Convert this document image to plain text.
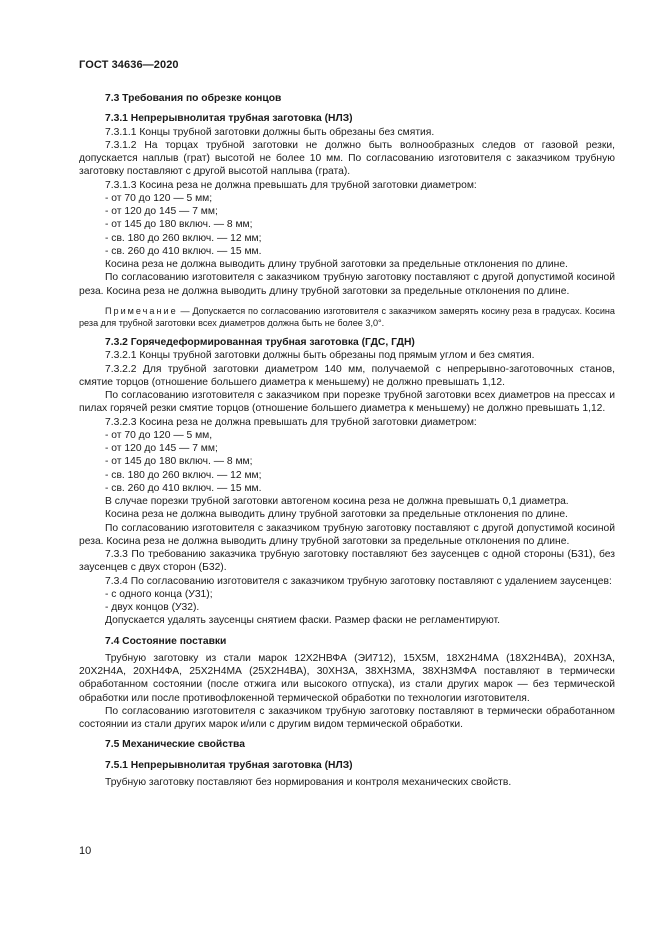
ГОСТ 34636—2020

7.3 Требования по обрезке концов

7.3.1 Непрерывнолитая трубная заготовка (НЛЗ)

7.3.1.1 Концы трубной заготовки должны быть обрезаны без смятия.

7.3.1.2 На торцах трубной заготовки не должно быть волнообразных следов от газовой резки, допускается наплыв (грат) высотой не более 10 мм. По согласованию изготовителя с заказчиком трубную заготовку поставляют с другой высотой наплыва (грата).

7.3.1.3 Косина реза не должна превышать для трубной заготовки диаметром:

- от 70 до 120 — 5 мм;

- от 120 до 145 — 7 мм;

- от 145 до 180 включ. — 8 мм;

- св. 180 до 260 включ. — 12 мм;

- св. 260 до 410 включ. — 15 мм.

Косина реза не должна выводить длину трубной заготовки за предельные отклонения по длине.

По согласованию изготовителя с заказчиком трубную заготовку поставляют с другой допустимой косиной реза. Косина реза не должна выводить длину трубной заготовки за предельные отклонения по длине.

Примечание — Допускается по согласованию изготовителя с заказчиком замерять косину реза в градусах. Косина реза для трубной заготовки всех диаметров должна быть не более 3,0°.

7.3.2 Горячедеформированная трубная заготовка (ГДС, ГДН)

7.3.2.1 Концы трубной заготовки должны быть обрезаны под прямым углом и без смятия.

7.3.2.2 Для трубной заготовки диаметром 140 мм, получаемой с непрерывно-заготовочных станов, смятие торцов (отношение большего диаметра к меньшему) не должно превышать 1,12.

По согласованию изготовителя с заказчиком при порезке трубной заготовки всех диаметров на прессах и пилах горячей резки смятие торцов (отношение большего диаметра к меньшему) не должно превышать 1,12.

7.3.2.3 Косина реза не должна превышать для трубной заготовки диаметром:

- от 70 до 120 — 5 мм,

- от 120 до 145 — 7 мм;

- от 145 до 180 включ. — 8 мм;

- св. 180 до 260 включ. — 12 мм;

- св. 260 до 410 включ. — 15 мм.

В случае порезки трубной заготовки автогеном косина реза не должна превышать 0,1 диаметра.

Косина реза не должна выводить длину трубной заготовки за предельные отклонения по длине.

По согласованию изготовителя с заказчиком трубную заготовку поставляют с другой допустимой косиной реза. Косина реза не должна выводить длину трубной заготовки за предельные отклонения по длине.

7.3.3 По требованию заказчика трубную заготовку поставляют без заусенцев с одной стороны (Б31), без заусенцев с двух сторон (Б32).

7.3.4 По согласованию изготовителя с заказчиком трубную заготовку поставляют с удалением заусенцев:

- с одного конца (У31);

- двух концов (У32).

Допускается удалять заусенцы снятием фаски. Размер фаски не регламентируют.

7.4 Состояние поставки

Трубную заготовку из стали марок 12Х2НВФА (ЭИ712), 15Х5М, 18Х2Н4МА (18Х2Н4ВА), 20ХН3А, 20Х2Н4А, 20ХН4ФА, 25Х2Н4МА (25Х2Н4ВА), 30ХН3А, 38ХН3МА, 38ХН3МФА поставляют в термически обработанном состоянии (после отжига или высокого отпуска), из стали других марок — без термической обработки или после противофлокенной термической обработки по технологии изготовителя.

По согласованию изготовителя с заказчиком трубную заготовку поставляют в термически обработанном состоянии из стали других марок и/или с другим видом термической обработки.

7.5 Механические свойства

7.5.1 Непрерывнолитая трубная заготовка (НЛЗ)

Трубную заготовку поставляют без нормирования и контроля механических свойств.

10
